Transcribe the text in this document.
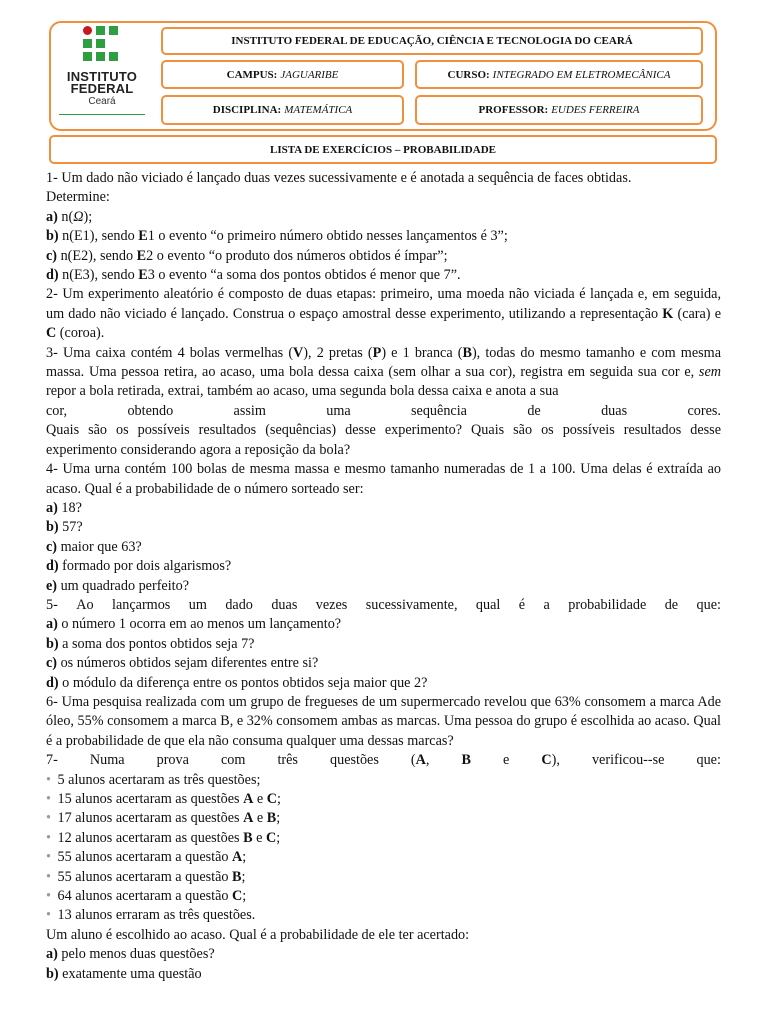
INSTITUTO
FEDERAL
Ceará
INSTITUTO FEDERAL DE EDUCAÇÃO, CIÊNCIA E TECNOLOGIA DO CEARÁ
CAMPUS: JAGUARIBE	CURSO: INTEGRADO EM ELETROMECÂNICA
DISCIPLINA: MATEMÁTICA	PROFESSOR: EUDES FERREIRA
LISTA DE EXERCÍCIOS – PROBABILIDADE

1- Um dado não viciado é lançado duas vezes sucessivamente e é anotada a sequência de faces obtidas.

Determine:

a) n(Ω);

b) n(E1), sendo E1 o evento “o primeiro número obtido nesses lançamentos é 3”;

c) n(E2), sendo E2 o evento “o produto dos números obtidos é ímpar”;

d) n(E3), sendo E3 o evento “a soma dos pontos obtidos é menor que 7”.

2- Um experimento aleatório é composto de duas etapas: primeiro, uma moeda não viciada é lançada e, em seguida, um dado não viciado é lançado. Construa o espaço amostral desse experimento, utilizando a representação K (cara) e C (coroa).

3- Uma caixa contém 4 bolas vermelhas (V), 2 pretas (P) e 1 branca (B), todas do mesmo tamanho e com mesma massa. Uma pessoa retira, ao acaso, uma bola dessa caixa (sem olhar a sua cor), registra em seguida sua cor e, sem repor a bola retirada, extrai, também ao acaso, uma segunda bola dessa caixa e anota a sua

cor,	obtendo	assim	uma	sequência	de	duas	cores.

Quais são os possíveis resultados (sequências) desse experimento? Quais são os possíveis resultados desse experimento considerando agora a reposição da bola?

4- Uma urna contém 100 bolas de mesma massa e mesmo tamanho numeradas de 1 a 100. Uma delas é extraída ao acaso. Qual é a probabilidade de o número sorteado ser:

a) 18?

b) 57?

c) maior que 63?

d) formado por dois algarismos?

e) um quadrado perfeito?

5- Ao lançarmos um dado duas vezes sucessivamente, qual é a probabilidade de que:

a) o número 1 ocorra em ao menos um lançamento?

b) a soma dos pontos obtidos seja 7?

c) os números obtidos sejam diferentes entre si?

d) o módulo da diferença entre os pontos obtidos seja maior que 2?

6- Uma pesquisa realizada com um grupo de fregueses de um supermercado revelou que 63% consomem a marca Ade óleo, 55% consomem a marca B, e 32% consomem ambas as marcas. Uma pessoa do grupo é escolhida ao acaso. Qual é a probabilidade de que ela não consuma qualquer uma dessas marcas?

7- Numa prova com três questões (A, B e C), verificou--se que:

• 5 alunos acertaram as três questões;

• 15 alunos acertaram as questões A e C;

• 17 alunos acertaram as questões A e B;

• 12 alunos acertaram as questões B e C;

• 55 alunos acertaram a questão A;

• 55 alunos acertaram a questão B;

• 64 alunos acertaram a questão C;

• 13 alunos erraram as três questões.

Um aluno é escolhido ao acaso. Qual é a probabilidade de ele ter acertado:

a) pelo menos duas questões?

b) exatamente uma questão
